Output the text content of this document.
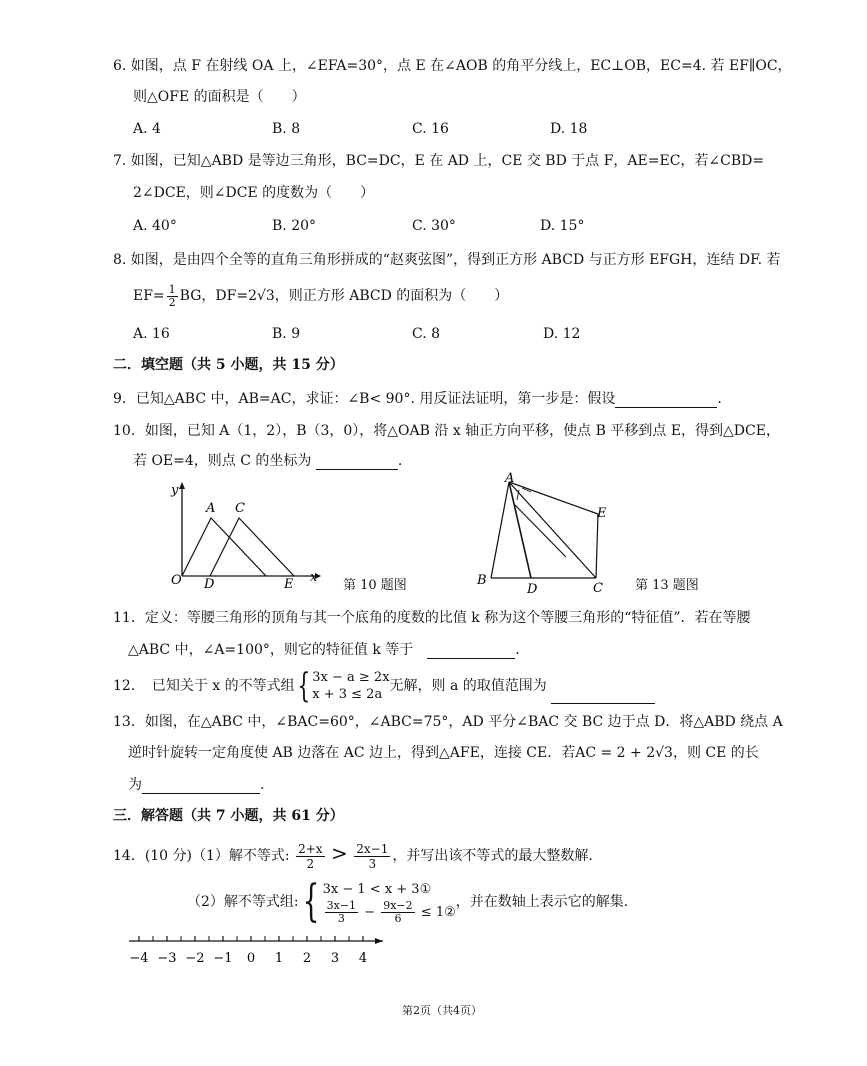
6. 如图，点 F 在射线 OA 上，∠EFA=30°，点 E 在∠AOB 的角平分线上，EC⊥OB，EC=4. 若 EF∥OC，
则△OFE 的面积是（　　）
A. 4	B. 8	C. 16	D. 18
7. 如图，已知△ABD 是等边三角形，BC=DC，E 在 AD 上，CE 交 BD 于点 F，AE=EC，若∠CBD=
2∠DCE，则∠DCE 的度数为（　　）
A. 40°	B. 20°	C. 30°	D. 15°
8. 如图，是由四个全等的直角三角形拼成的“赵爽弦图”，得到正方形 ABCD 与正方形 EFGH，连结 DF. 若
$EF= \frac{1}{2}$ BG，DF=2√3，则正方形 ABCD 的面积为（　　）
A. 16	B. 9	C. 8	D. 12
二．填空题（共 5 小题，共 15 分）
9．已知△ABC 中，AB=AC，求证：∠B< 90°. 用反证法证明，第一步是：假设	.
10．如图，已知 A（1，2），B（3，0），将△OAB 沿 x 轴正方向平移，使点 B 平移到点 E，得到△DCE，
若 OE=4，则点 C 的坐标为	.
y
x
O D	E
A C
第 10 题图
A
E
B
D	C 第 13 题图
11．定义：等腰三角形的顶角与其一个底角的度数的比值 k 称为这个等腰三角形的“特征值”．若在等腰
△ABC 中，∠A=100°，则它的特征值 k 等于　	.
12．　已知关于 x 的不等式组{ 3x − a ≥ 2x
x + 3 ≤ 2a
无解，则 a 的取值范围为
13．如图，在△ABC 中，∠BAC=60°，∠ABC=75°，AD 平分∠BAC 交 BC 边于点 D．将△ABD 绕点 A
逆时针旋转一定角度使 AB 边落在 AC 边上，得到△AFE，连接 CE．若AC = 2 + 2√3，则 CE 的长
为	.
三．解答题（共 7 小题，共 61 分）
14．(10 分)（1）解不等式: $\frac{2+x}{2} > \frac{2x-1}{3}$ ，并写出该不等式的最大整数解.
（2）解不等式组:{ 3x − 1 < x + 3①
$\frac{3x-1}{3} - \frac{9x-2}{6}$ ≤ 1②
，并在数轴上表示它的解集.
−4 −3 −2 −1 0 1 2 3 4
第2页（共4页）
